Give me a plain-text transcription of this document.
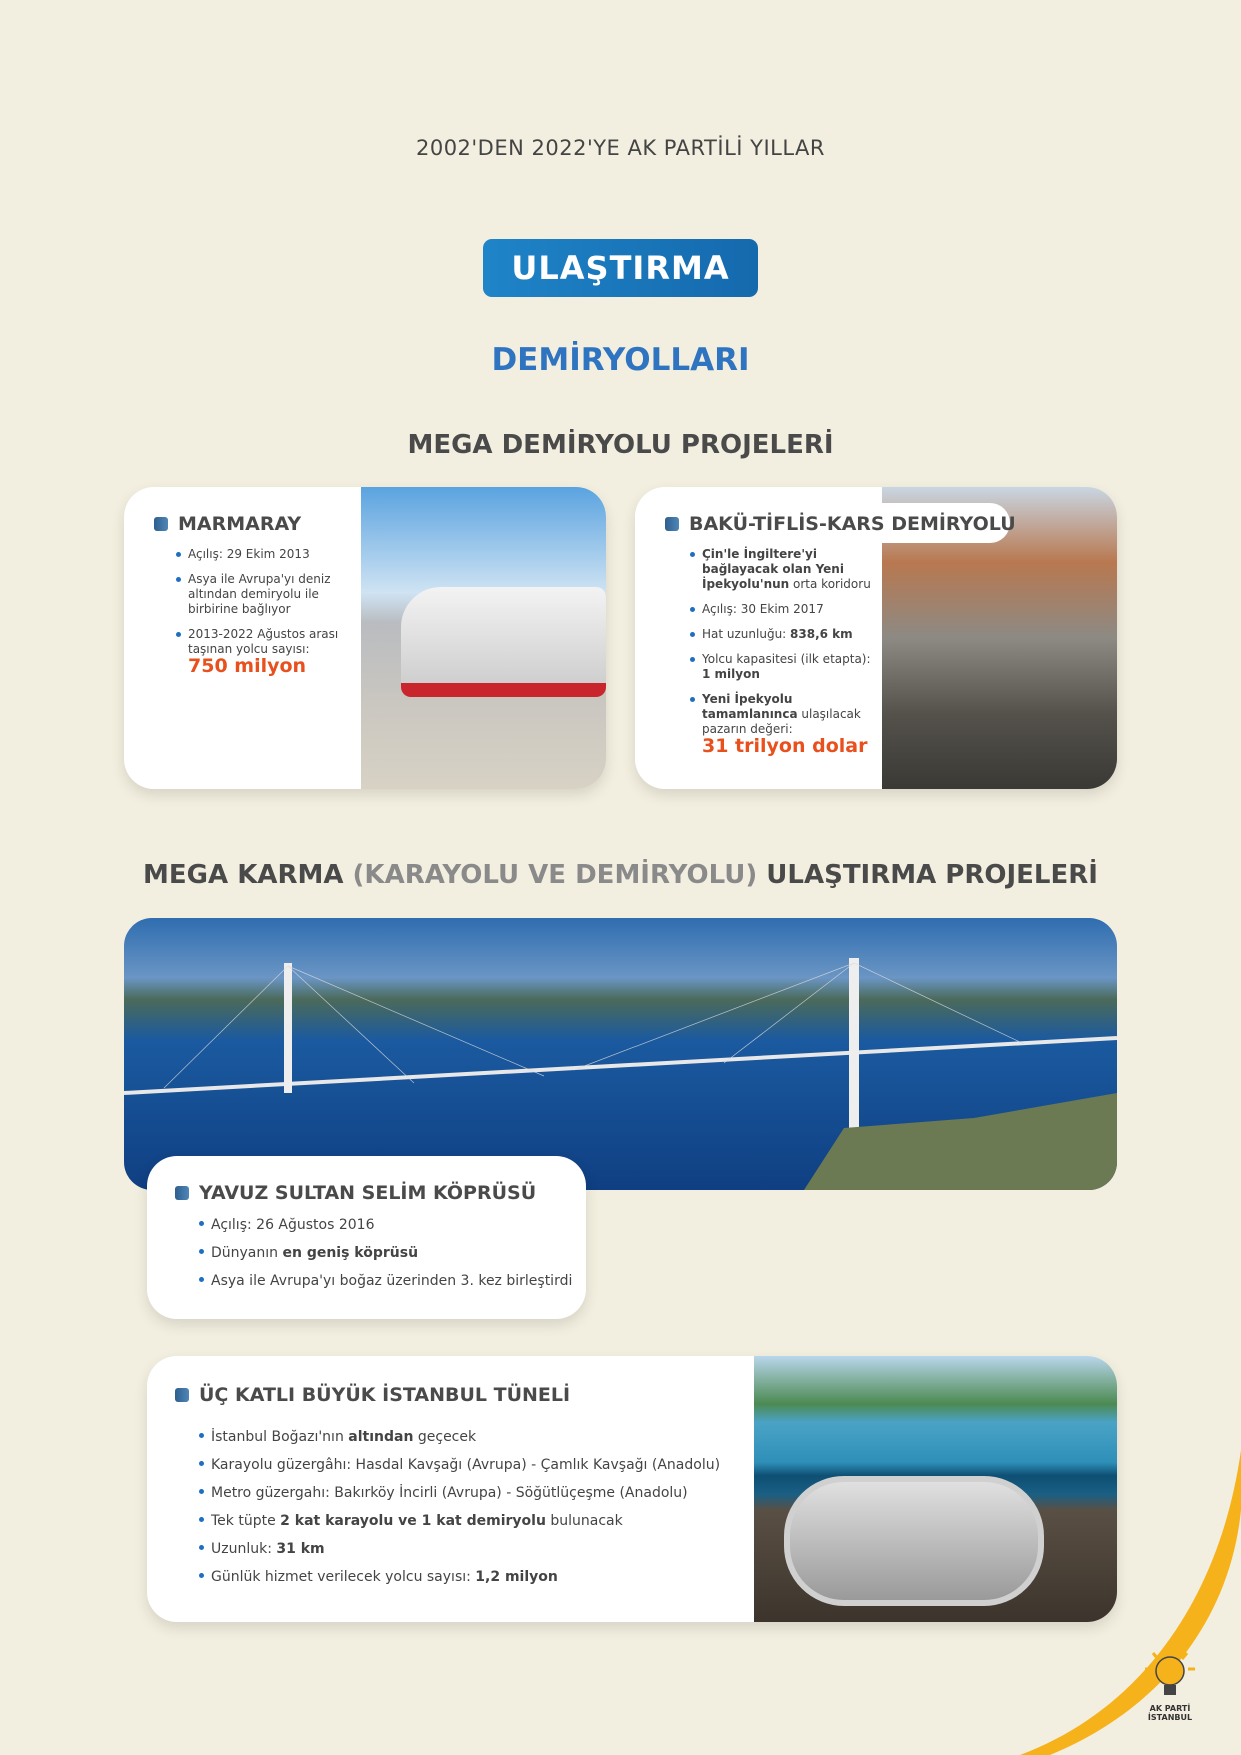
2002'DEN 2022'YE AK PARTİLİ YILLAR
ULAŞTIRMA
DEMİRYOLLARI
MEGA DEMİRYOLU PROJELERİ
MARMARAY
Açılış: 29 Ekim 2013
Asya ile Avrupa'yı deniz altından demiryolu ile birbirine bağlıyor
2013-2022 Ağustos arası taşınan yolcu sayısı:
750 milyon
BAKÜ-TİFLİS-KARS DEMİRYOLU
Çin'le İngiltere'yi bağlayacak olan Yeni İpekyolu'nun orta koridoru
Açılış: 30 Ekim 2017
Hat uzunluğu: 838,6 km
Yolcu kapasitesi (ilk etapta):
1 milyon
Yeni İpekyolu tamamlanınca ulaşılacak pazarın değeri:
31 trilyon dolar
MEGA KARMA (KARAYOLU VE DEMİRYOLU) ULAŞTIRMA PROJELERİ
YAVUZ SULTAN SELİM KÖPRÜSÜ
Açılış: 26 Ağustos 2016
Dünyanın en geniş köprüsü
Asya ile Avrupa'yı boğaz üzerinden 3. kez birleştirdi
ÜÇ KATLI BÜYÜK İSTANBUL TÜNELİ
İstanbul Boğazı'nın altından geçecek
Karayolu güzergâhı: Hasdal Kavşağı (Avrupa) - Çamlık Kavşağı (Anadolu)
Metro güzergahı: Bakırköy İncirli (Avrupa) - Söğütlüçeşme (Anadolu)
Tek tüpte 2 kat karayolu ve 1 kat demiryolu bulunacak
Uzunluk: 31 km
Günlük hizmet verilecek yolcu sayısı: 1,2 milyon
AK PARTİ
İSTANBUL
